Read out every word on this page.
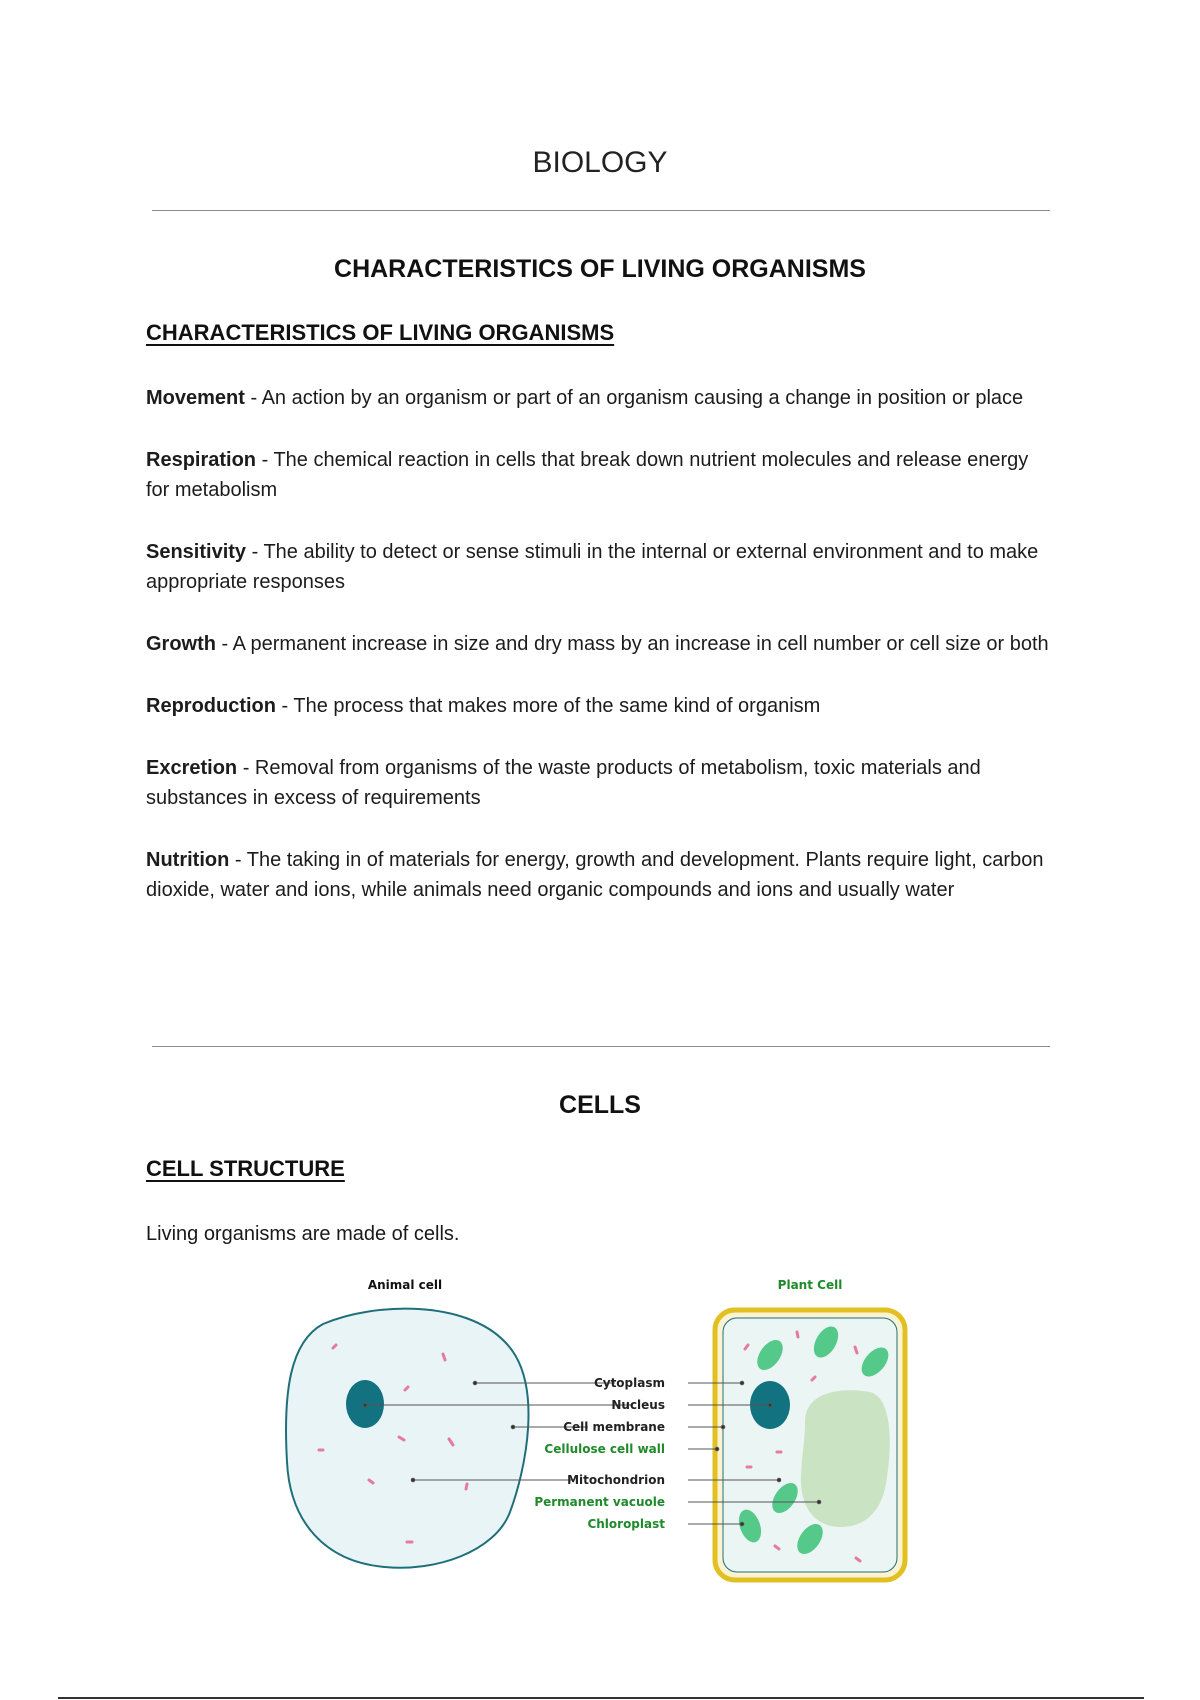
BIOLOGY
CHARACTERISTICS OF LIVING ORGANISMS
CHARACTERISTICS OF LIVING ORGANISMS

Movement - An action by an organism or part of an organism causing a change in position or place

Respiration - The chemical reaction in cells that break down nutrient molecules and release energy for metabolism

Sensitivity - The ability to detect or sense stimuli in the internal or external environment and to make appropriate responses

Growth - A permanent increase in size and dry mass by an increase in cell number or cell size or both

Reproduction - The process that makes more of the same kind of organism

Excretion - Removal from organisms of the waste products of metabolism, toxic materials and substances in excess of requirements

Nutrition - The taking in of materials for energy, growth and development. Plants require light, carbon dioxide, water and ions, while animals need organic compounds and ions and usually water

CELLS
CELL STRUCTURE
Living organisms are made of cells.
Animal cell	Plant Cell
Cytoplasm
Nucleus
Cell membrane
Cellulose cell wall
Mitochondrion
Permanent vacuole
Chloroplast
